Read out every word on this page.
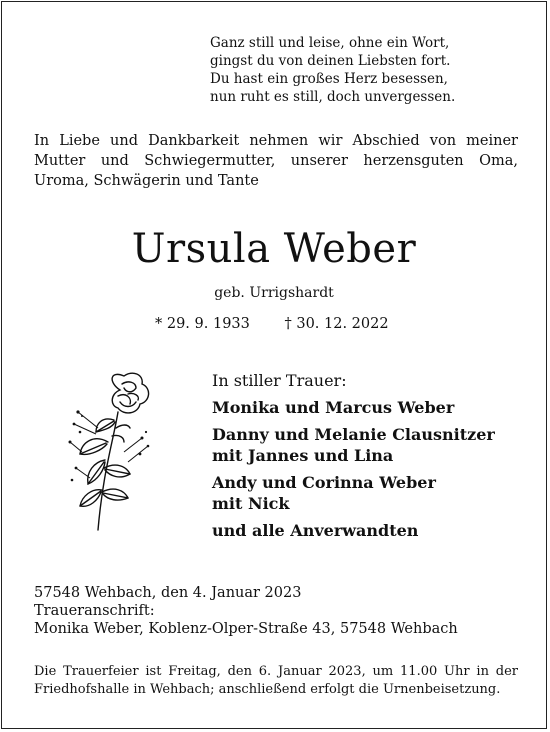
Ganz still und leise, ohne ein Wort,
gingst du von deinen Liebsten fort.
Du hast ein großes Herz besessen,
nun ruht es still, doch unvergessen.
In Liebe und Dankbarkeit nehmen wir Abschied von meiner
Mutter und Schwiegermutter, unserer herzensguten Oma,
Uroma, Schwägerin und Tante
Ursula Weber
geb. Urrigshardt
* 29. 9. 1933 † 30. 12. 2022
In stiller Trauer:
Monika und Marcus Weber
Danny und Melanie Clausnitzer
mit Jannes und Lina
Andy und Corinna Weber
mit Nick
und alle Anverwandten
57548 Wehbach, den 4. Januar 2023
Traueranschrift:
Monika Weber, Koblenz-Olper-Straße 43, 57548 Wehbach
Die Trauerfeier ist Freitag, den 6. Januar 2023, um 11.00 Uhr in der
Friedhofshalle in Wehbach; anschließend erfolgt die Urnenbeisetzung.
